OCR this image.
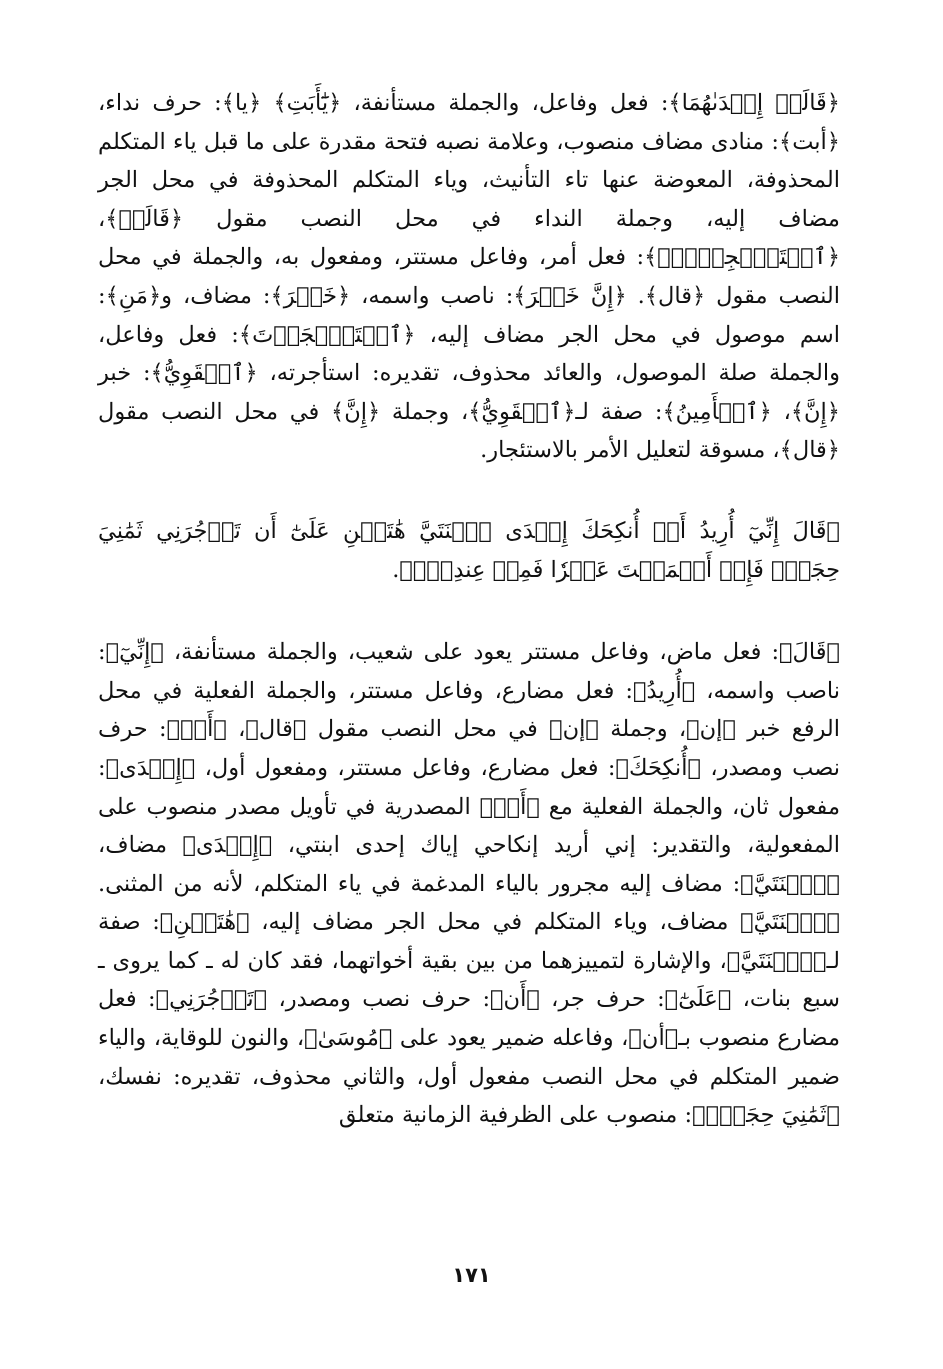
﴿قَالَتۡ إِحۡدَىٰهُمَا﴾: فعل وفاعل، والجملة مستأنفة، ﴿يَٰٓأَبَتِ﴾ ﴿يا﴾: حرف نداء، ﴿أبت﴾: منادى مضاف منصوب، وعلامة نصبه فتحة مقدرة على ما قبل ياء المتكلم المحذوفة، المعوضة عنها تاء التأنيث، وياء المتكلم المحذوفة في محل الجر مضاف إليه، وجملة النداء في محل النصب مقول ﴿قَالَتۡ﴾، ﴿ٱسۡتَـٔۡجِرۡهُۖ﴾: فعل أمر، وفاعل مستتر، ومفعول به، والجملة في محل النصب مقول ﴿قال﴾. ﴿إِنَّ خَيۡرَ﴾: ناصب واسمه، ﴿خَيۡرَ﴾: مضاف، و﴿مَنِ﴾: اسم موصول في محل الجر مضاف إليه، ﴿ٱسۡتَـٔۡجَرۡتَ﴾: فعل وفاعل، والجملة صلة الموصول، والعائد محذوف، تقديره: استأجرته، ﴿ٱلۡقَوِيُّ﴾: خبر ﴿إِنَّ﴾، ﴿ٱلۡأَمِينُ﴾: صفة لـ﴿ٱلۡقَوِيُّ﴾، وجملة ﴿إِنَّ﴾ في محل النصب مقول ﴿قال﴾، مسوقة لتعليل الأمر بالاستئجار.

﴿قَالَ إِنِّيٓ أُرِيدُ أَنۡ أُنكِحَكَ إِحۡدَى ٱبۡنَتَيَّ هَٰتَيۡنِ عَلَىٰٓ أَن تَأۡجُرَنِي ثَمَٰنِيَ حِجَجٖۖ فَإِنۡ أَتۡمَمۡتَ عَشۡرٗا فَمِنۡ عِندِكَۖ﴾.

﴿قَالَ﴾: فعل ماض، وفاعل مستتر يعود على شعيب، والجملة مستأنفة، ﴿إِنِّيٓ﴾: ناصب واسمه، ﴿أُرِيدُ﴾: فعل مضارع، وفاعل مستتر، والجملة الفعلية في محل الرفع خبر ﴿إن﴾، وجملة ﴿إن﴾ في محل النصب مقول ﴿قال﴾، ﴿أَنۡ﴾: حرف نصب ومصدر، ﴿أُنكِحَكَ﴾: فعل مضارع، وفاعل مستتر، ومفعول أول، ﴿إِحۡدَى﴾: مفعول ثان، والجملة الفعلية مع ﴿أَنۡ﴾ المصدرية في تأويل مصدر منصوب على المفعولية، والتقدير: إني أريد إنكاحي إياك إحدى ابنتي، ﴿إِحۡدَى﴾ مضاف، ﴿ٱبۡنَتَيَّ﴾: مضاف إليه مجرور بالياء المدغمة في ياء المتكلم، لأنه من المثنى. ﴿ٱبۡنَتَيَّ﴾ مضاف، وياء المتكلم في محل الجر مضاف إليه، ﴿هَٰتَيۡنِ﴾: صفة لـ﴿ٱبۡنَتَيَّ﴾، والإشارة لتمييزهما من بين بقية أخواتهما، فقد كان له ـ كما يروى ـ سبع بنات، ﴿عَلَىٰٓ﴾: حرف جر، ﴿أَن﴾: حرف نصب ومصدر، ﴿تَأۡجُرَنِي﴾: فعل مضارع منصوب بـ﴿أن﴾، وفاعله ضمير يعود على ﴿مُوسَىٰ﴾، والنون للوقاية، والياء ضمير المتكلم في محل النصب مفعول أول، والثاني محذوف، تقديره: نفسك، ﴿ثَمَٰنِيَ حِجَجٖۖ﴾: منصوب على الظرفية الزمانية متعلق

١٧١
